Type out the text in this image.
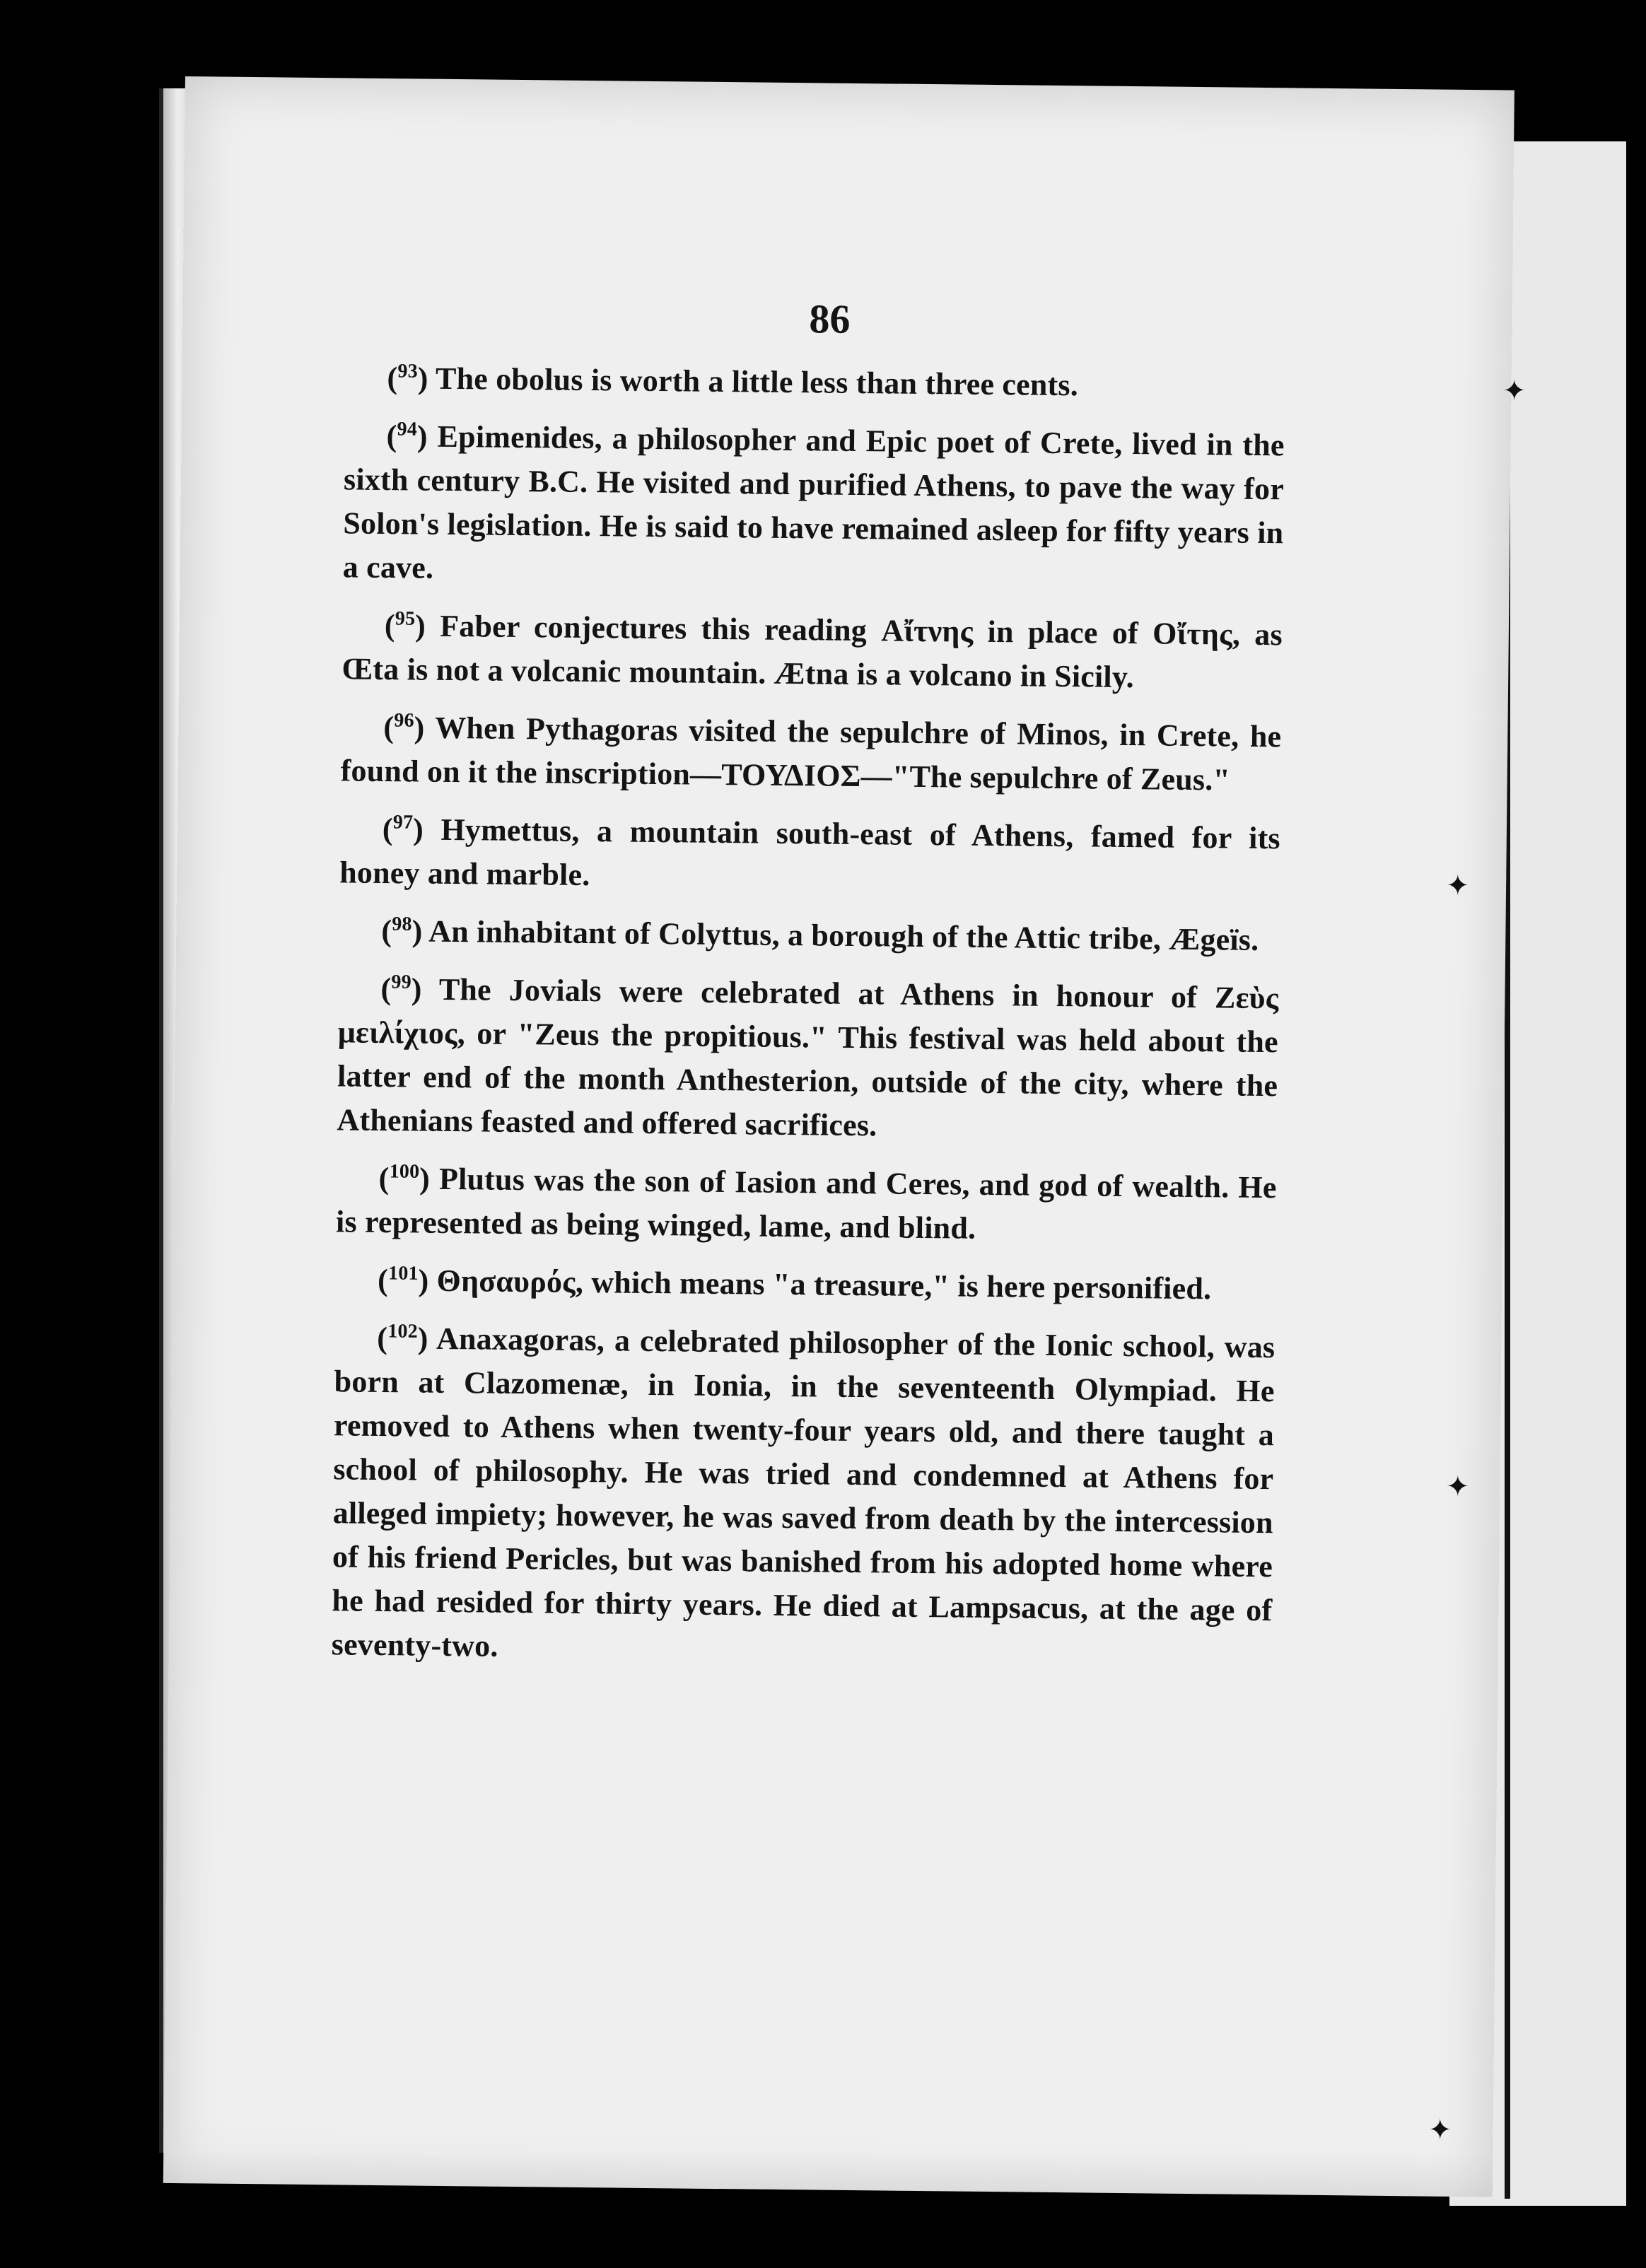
86

($^{93}$) The obolus is worth a little less than three cents.

($^{94}$) Epimenides, a philosopher and Epic poet of Crete, lived in the sixth century B.C. He visited and purified Athens, to pave the way for Solon's legislation. He is said to have remained asleep for fifty years in a cave.

($^{95}$) Faber conjectures this reading Αἴτνης in place of Οἴτης, as Œta is not a volcanic mountain. Ætna is a volcano in Sicily.

($^{96}$) When Pythagoras visited the sepulchre of Minos, in Crete, he found on it the inscription—ΤΟΥΔΙΟΣ—"The sepulchre of Zeus."

($^{97}$) Hymettus, a mountain south-east of Athens, famed for its honey and marble.

($^{98}$) An inhabitant of Colyttus, a borough of the Attic tribe, Ægeïs.

($^{99}$) The Jovials were celebrated at Athens in honour of Ζεὺς μειλίχιος, or "Zeus the propitious." This festival was held about the latter end of the month Anthesterion, outside of the city, where the Athenians feasted and offered sacrifices.

($^{100}$) Plutus was the son of Iasion and Ceres, and god of wealth. He is represented as being winged, lame, and blind.

($^{101}$) Θησαυρός, which means "a treasure," is here personified.

($^{102}$) Anaxagoras, a celebrated philosopher of the Ionic school, was born at Clazomenæ, in Ionia, in the seventeenth Olympiad. He removed to Athens when twenty-four years old, and there taught a school of philosophy. He was tried and condemned at Athens for alleged impiety; however, he was saved from death by the intercession of his friend Pericles, but was banished from his adopted home where he had resided for thirty years. He died at Lampsacus, at the age of seventy-two.

✦
✦
✦
✦
